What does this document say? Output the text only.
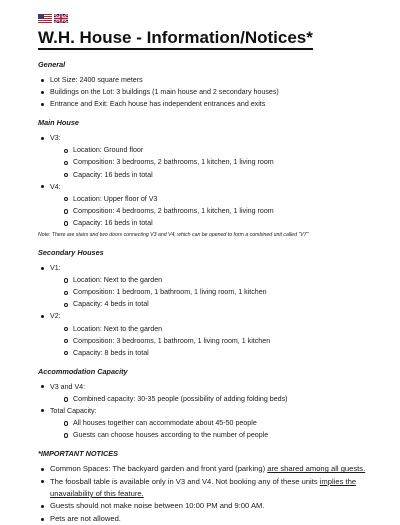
W.H. House - Information/Notices*
General
Lot Size: 2400 square meters
Buildings on the Lot: 3 buildings (1 main house and 2 secondary houses)
Entrance and Exit: Each house has independent entrances and exits
Main House
V3:
Location: Ground floor
Composition: 3 bedrooms, 2 bathrooms, 1 kitchen, 1 living room
Capacity: 16 beds in total
V4:
Location: Upper floor of V3
Composition: 4 bedrooms, 2 bathrooms, 1 kitchen, 1 living room
Capacity: 16 beds in total
Note: There are stairs and two doors connecting V3 and V4, which can be opened to form a combined unit called "V7"
Secondary Houses
V1:
Location: Next to the garden
Composition: 1 bedroom, 1 bathroom, 1 living room, 1 kitchen
Capacity: 4 beds in total
V2:
Location: Next to the garden
Composition: 3 bedrooms, 1 bathroom, 1 living room, 1 kitchen
Capacity: 8 beds in total
Accommodation Capacity
V3 and V4:
Combined capacity: 30-35 people (possibility of adding folding beds)
Total Capacity:
All houses together can accommodate about 45-50 people
Guests can choose houses according to the number of people
*IMPORTANT NOTICES
Common Spaces: The backyard garden and front yard (parking) are shared among all guests.
The foosball table is available only in V3 and V4. Not booking any of these units implies the unavailability of this feature.
Guests should not make noise between 10:00 PM and 9:00 AM.
Pets are not allowed.
